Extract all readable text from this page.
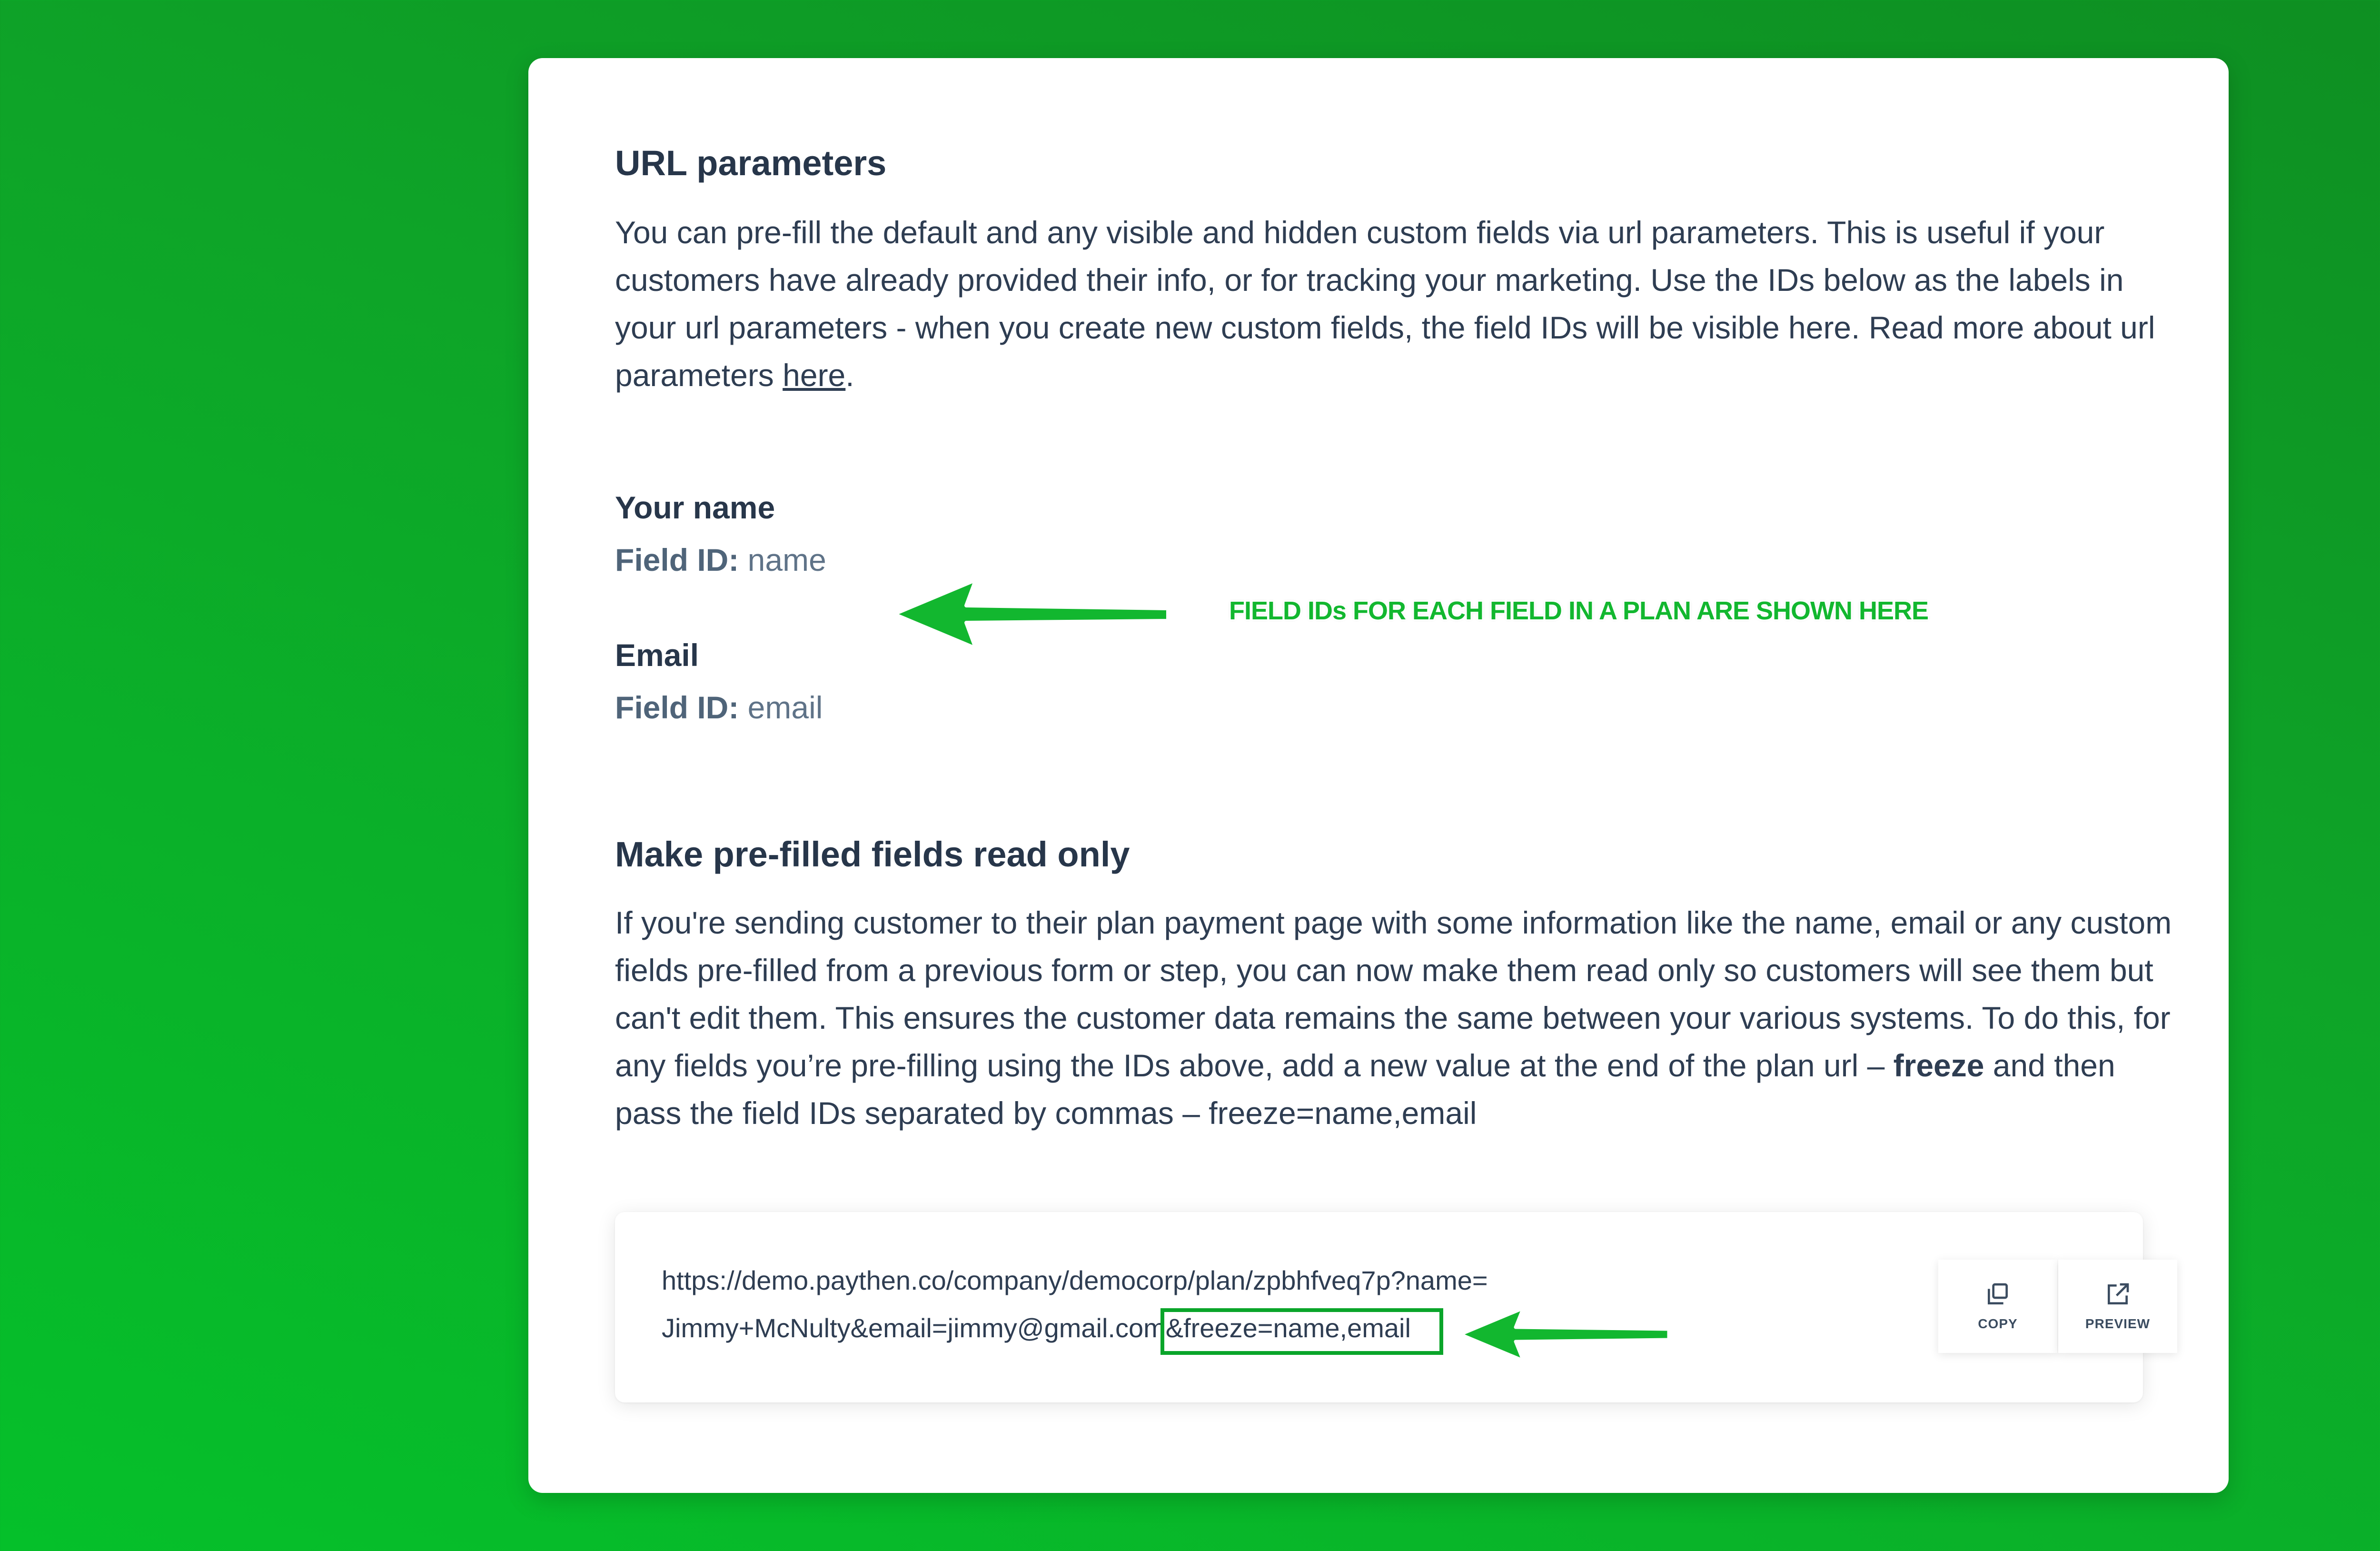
URL parameters
You can pre-fill the default and any visible and hidden custom fields via url parameters. This is useful if your customers have already provided their info, or for tracking your marketing. Use the IDs below as the labels in your url parameters - when you create new custom fields, the field IDs will be visible here. Read more about url parameters here.
Your name
Field ID: name
Email
Field ID: email
Make pre-filled fields read only
If you're sending customer to their plan payment page with some information like the name, email or any custom fields pre-filled from a previous form or step, you can now make them read only so customers will see them but can't edit them. This ensures the customer data remains the same between your various systems. To do this, for any fields you’re pre-filling using the IDs above, add a new value at the end of the plan url – freeze and then pass the field IDs separated by commas – freeze=name,email
https://demo.paythen.co/company/democorp/plan/zpbhfveq7p?name=
Jimmy+McNulty&email=jimmy@gmail.com&freeze=name,email	COPY	PREVIEW
FIELD IDs FOR EACH FIELD IN A PLAN ARE SHOWN HERE
